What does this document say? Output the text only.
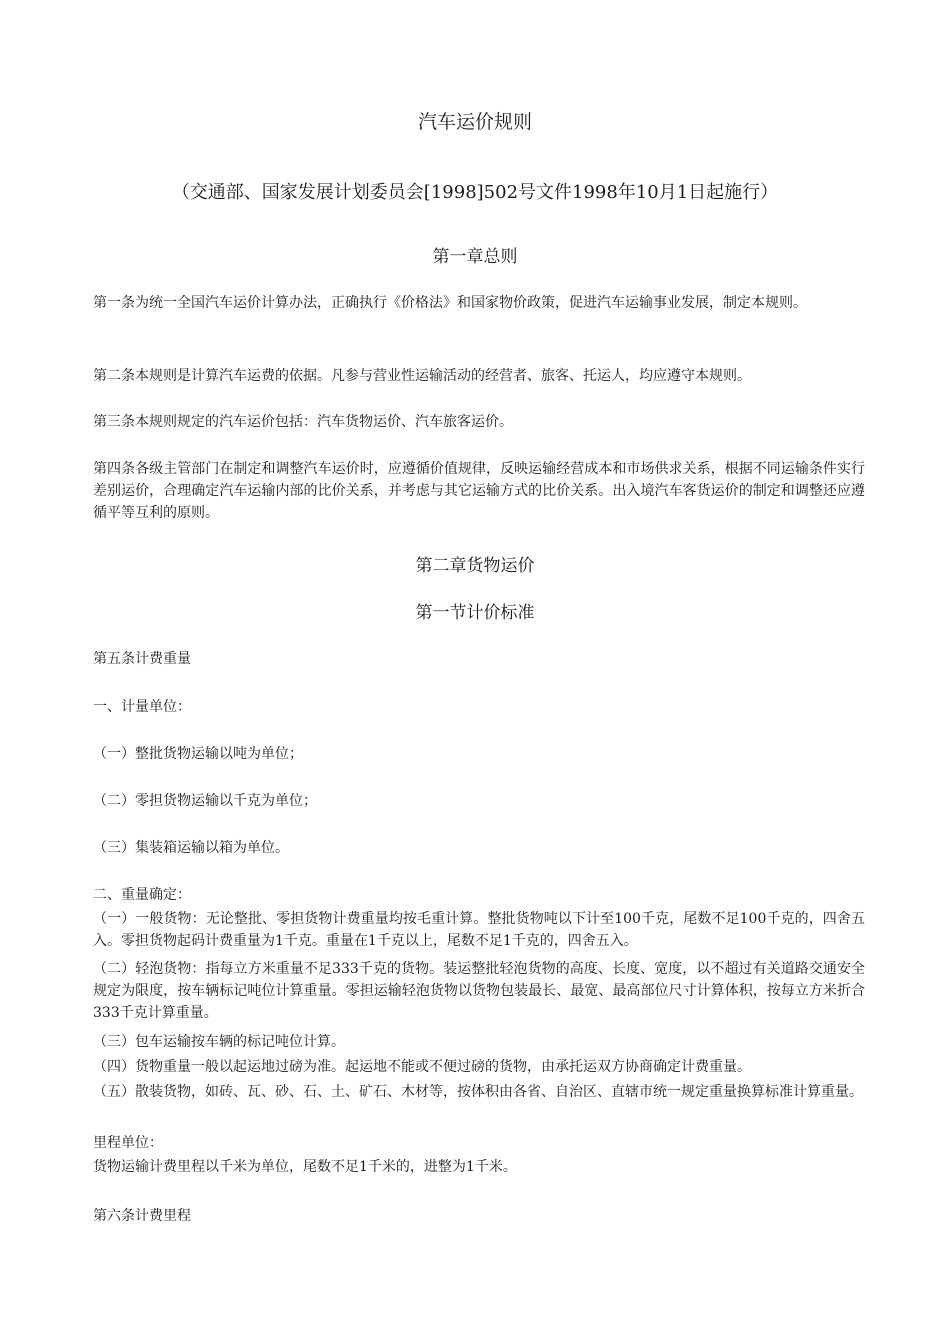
汽车运价规则
（交通部、国家发展计划委员会[1998]502号文件1998年10月1日起施行）
第一章总则
第一条为统一全国汽车运价计算办法，正确执行《价格法》和国家物价政策，促进汽车运输事业发展，制定本规则。
第二条本规则是计算汽车运费的依据。凡参与营业性运输活动的经营者、旅客、托运人，均应遵守本规则。
第三条本规则规定的汽车运价包括：汽车货物运价、汽车旅客运价。
第四条各级主管部门在制定和调整汽车运价时，应遵循价值规律，反映运输经营成本和市场供求关系，根据不同运输条件实行差别运价，合理确定汽车运输内部的比价关系，并考虑与其它运输方式的比价关系。出入境汽车客货运价的制定和调整还应遵循平等互利的原则。
第二章货物运价
第一节计价标准
第五条计费重量
一、计量单位：
（一）整批货物运输以吨为单位；
（二）零担货物运输以千克为单位；
（三）集装箱运输以箱为单位。
二、重量确定：
（一）一般货物：无论整批、零担货物计费重量均按毛重计算。整批货物吨以下计至100千克，尾数不足100千克的，四舍五入。零担货物起码计费重量为1千克。重量在1千克以上，尾数不足1千克的，四舍五入。
（二）轻泡货物：指每立方米重量不足333千克的货物。装运整批轻泡货物的高度、长度、宽度，以不超过有关道路交通安全规定为限度，按车辆标记吨位计算重量。零担运输轻泡货物以货物包装最长、最宽、最高部位尺寸计算体积，按每立方米折合333千克计算重量。
（三）包车运输按车辆的标记吨位计算。
（四）货物重量一般以起运地过磅为准。起运地不能或不便过磅的货物，由承托运双方协商确定计费重量。
（五）散装货物，如砖、瓦、砂、石、土、矿石、木材等，按体积由各省、自治区、直辖市统一规定重量换算标准计算重量。
里程单位：
货物运输计费里程以千米为单位，尾数不足1千米的，进整为1千米。
第六条计费里程
